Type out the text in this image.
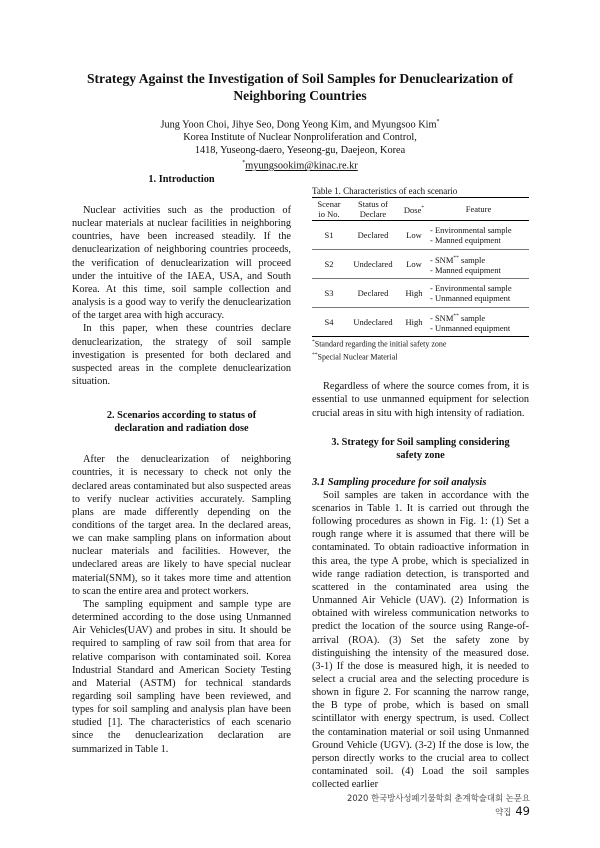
Strategy Against the Investigation of Soil Samples for Denuclearization of
Neighboring Countries
Jung Yoon Choi, Jihye Seo, Dong Yeong Kim, and Myungsoo Kim*
Korea Institute of Nuclear Nonproliferation and Control,
1418, Yuseong-daero, Yeseong-gu, Daejeon, Korea
*myungsookim@kinac.re.kr
1. Introduction

Nuclear activities such as the production of nuclear materials at nuclear facilities in neighboring countries, have been increased steadily. If the denuclearization of neighboring countries proceeds, the verification of denuclearization will proceed under the intuitive of the IAEA, USA, and South Korea. At this time, soil sample collection and analysis is a good way to verify the denuclearization of the target area with high accuracy.

In this paper, when these countries declare denuclearization, the strategy of soil sample investigation is presented for both declared and suspected areas in the complete denuclearization situation.

2. Scenarios according to status of
declaration and radiation dose

After the denuclearization of neighboring countries, it is necessary to check not only the declared areas contaminated but also suspected areas to verify nuclear activities accurately. Sampling plans are made differently depending on the conditions of the target area. In the declared areas, we can make sampling plans on information about nuclear materials and facilities. However, the undeclared areas are likely to have special nuclear material(SNM), so it takes more time and attention to scan the entire area and protect workers.

The sampling equipment and sample type are determined according to the dose using Unmanned Air Vehicles(UAV) and probes in situ. It should be required to sampling of raw soil from that area for relative comparison with contaminated soil. Korea Industrial Standard and American Society Testing and Material (ASTM) for technical standards regarding soil sampling have been reviewed, and types for soil sampling and analysis plan have been studied [1]. The characteristics of each scenario since the denuclearization declaration are summarized in Table 1.

Table 1. Characteristics of each scenario

Scenar io No.	Status of Declare	Dose*	Feature
S1	Declared	Low	- Environmental sample
- Manned equipment
S2	Undeclared	Low	- SNM** sample
- Manned equipment
S3	Declared	High	- Environmental sample
- Unmanned equipment
S4	Undeclared	High	- SNM** sample
- Unmanned equipment
*Standard regarding the initial safety zone
**Special Nuclear Material

Regardless of where the source comes from, it is essential to use unmanned equipment for selection crucial areas in situ with high intensity of radiation.

3. Strategy for Soil sampling considering
safety zone

3.1 Sampling procedure for soil analysis

Soil samples are taken in accordance with the scenarios in Table 1. It is carried out through the following procedures as shown in Fig. 1: (1) Set a rough range where it is assumed that there will be contaminated. To obtain radioactive information in this area, the type A probe, which is specialized in wide range radiation detection, is transported and scattered in the contaminated area using the Unmanned Air Vehicle (UAV). (2) Information is obtained with wireless communication networks to predict the location of the source using Range-of-arrival (ROA). (3) Set the safety zone by distinguishing the intensity of the measured dose. (3-1) If the dose is measured high, it is needed to select a crucial area and the selecting procedure is shown in figure 2. For scanning the narrow range, the B type of probe, which is based on small scintillator with energy spectrum, is used. Collect the contamination material or soil using Unmanned Ground Vehicle (UGV). (3-2) If the dose is low, the person directly works to the crucial area to collect contaminated soil. (4) Load the soil samples collected earlier

2020 한국방사성폐기물학회 춘계학술대회 논문요약집 49
